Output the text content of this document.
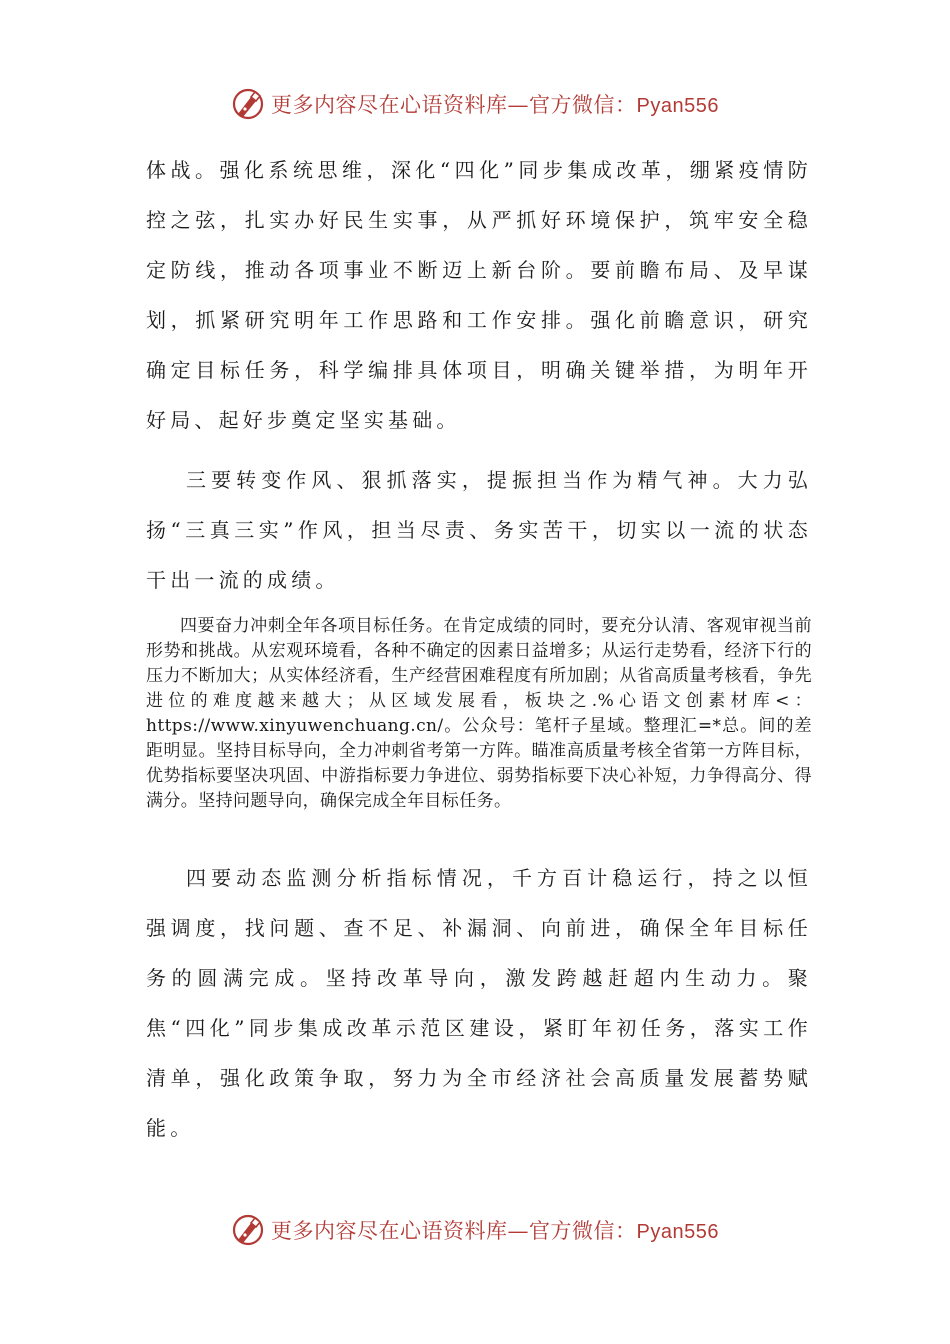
更多内容尽在心语资料库—官方微信：Pyan556

体战。强化系统思维，深化“四化”同步集成改革，绷紧疫情防控之弦，扎实办好民生实事，从严抓好环境保护，筑牢安全稳定防线，推动各项事业不断迈上新台阶。要前瞻布局、及早谋划，抓紧研究明年工作思路和工作安排。强化前瞻意识，研究确定目标任务，科学编排具体项目，明确关键举措，为明年开好局、起好步奠定坚实基础。

三要转变作风、狠抓落实，提振担当作为精气神。大力弘扬“三真三实”作风，担当尽责、务实苦干，切实以一流的状态干出一流的成绩。

四要奋力冲刺全年各项目标任务。在肯定成绩的同时，要充分认清、客观审视当前形势和挑战。从宏观环境看，各种不确定的因素日益增多；从运行走势看，经济下行的压力不断加大；从实体经济看，生产经营困难程度有所加剧；从省高质量考核看，争先进位的难度越来越大；从区域发展看，板块之.%心语文创素材库<：https://www.xinyuwenchuang.cn/。公众号：笔杆子星域。整理汇=*总。间的差距明显。坚持目标导向，全力冲刺省考第一方阵。瞄准高质量考核全省第一方阵目标，优势指标要坚决巩固、中游指标要力争进位、弱势指标要下决心补短，力争得高分、得满分。坚持问题导向，确保完成全年目标任务。

四要动态监测分析指标情况，千方百计稳运行，持之以恒强调度，找问题、查不足、补漏洞、向前进，确保全年目标任务的圆满完成。坚持改革导向，激发跨越赶超内生动力。聚焦“四化”同步集成改革示范区建设，紧盯年初任务，落实工作清单，强化政策争取，努力为全市经济社会高质量发展蓄势赋能。

更多内容尽在心语资料库—官方微信：Pyan556
